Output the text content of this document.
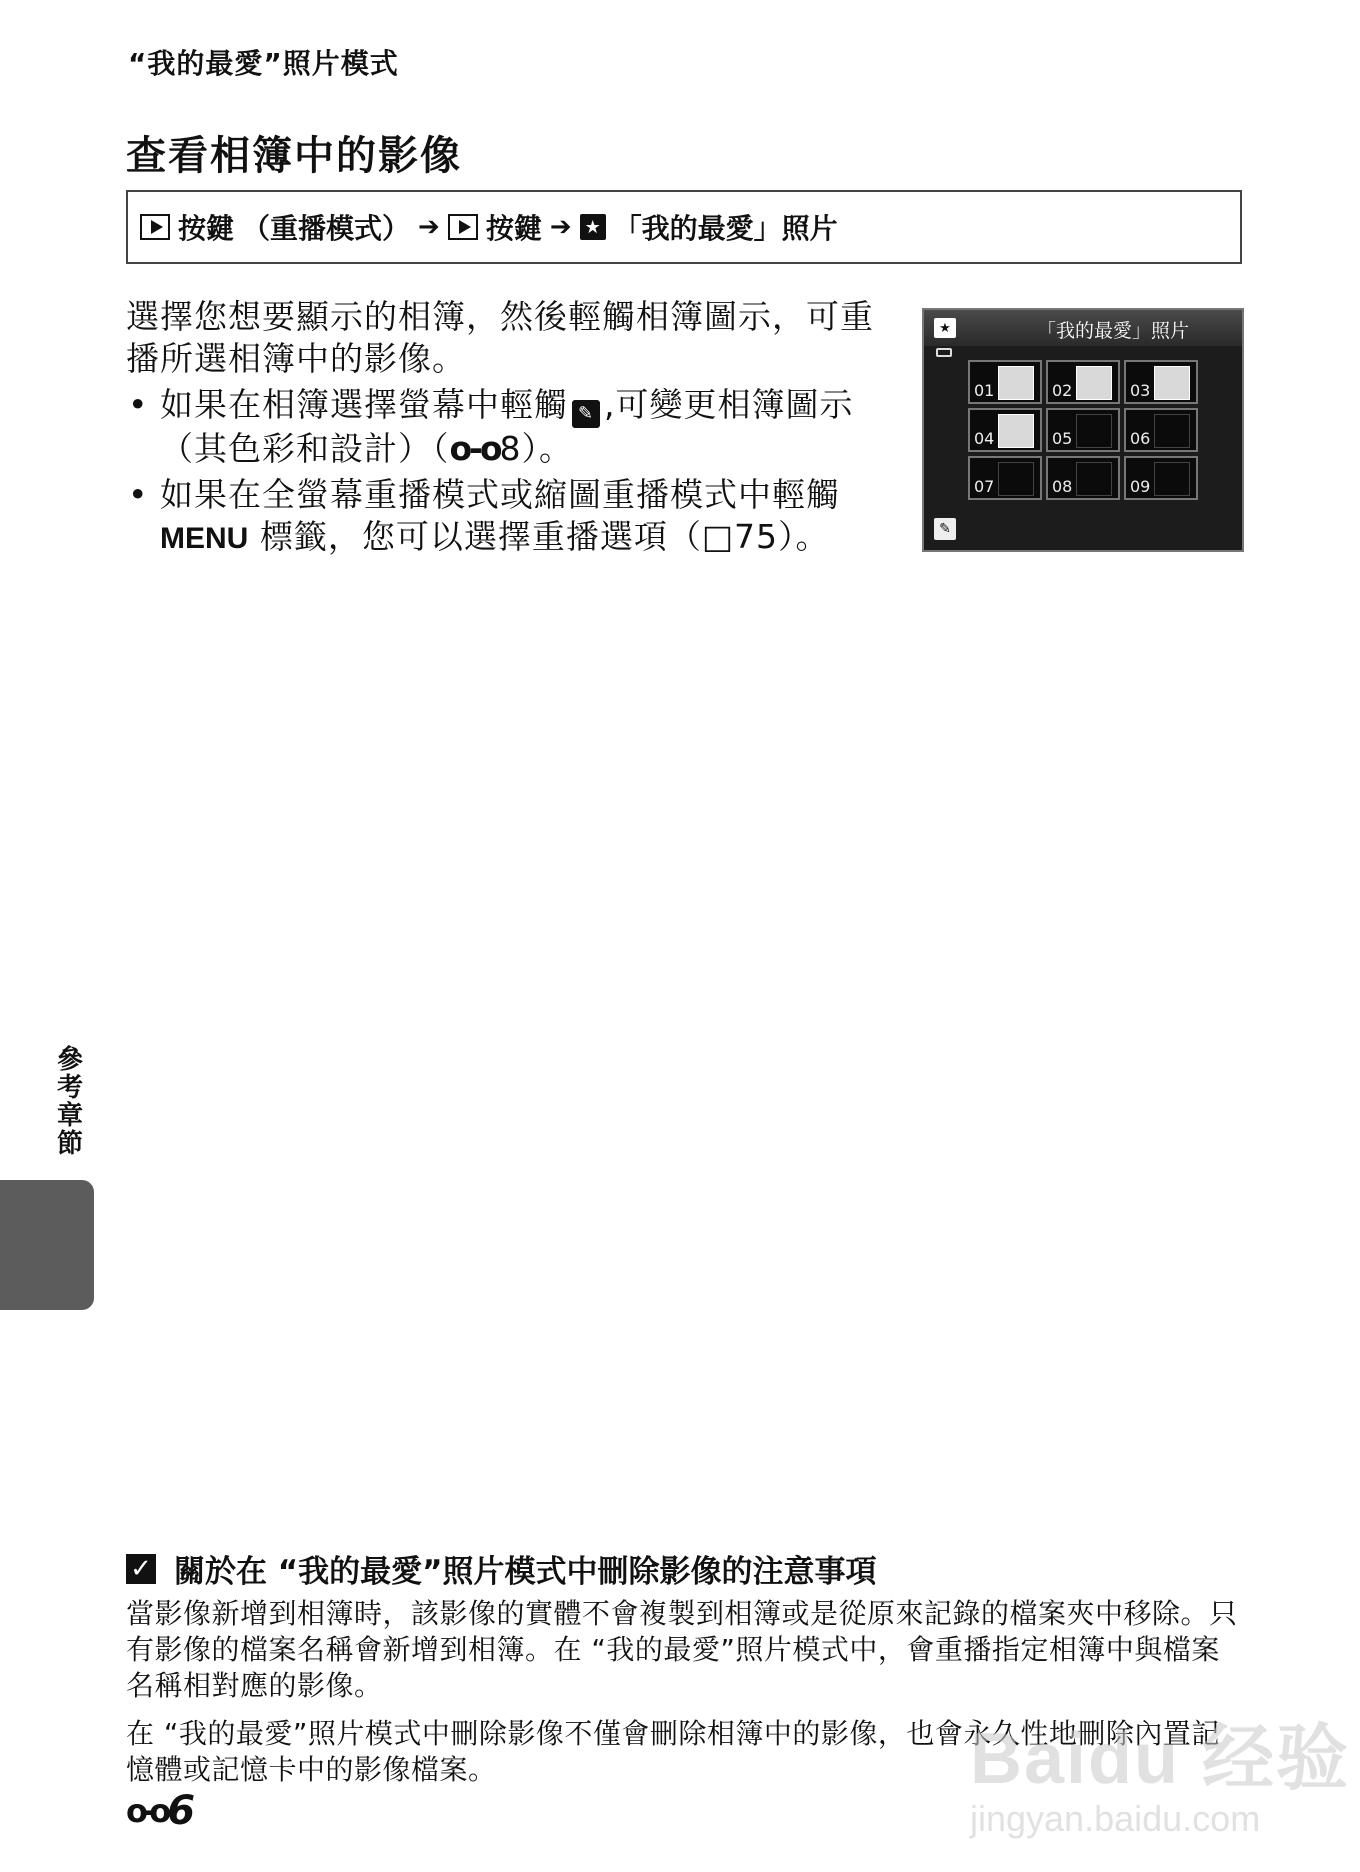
“我的最愛”照片模式
查看相簿中的影像
按鍵 （重播模式） ➔ 按鍵 ➔ ★ 「我的最愛」照片

選擇您想要顯示的相簿，然後輕觸相簿圖示，可重播所選相簿中的影像。

• 如果在相簿選擇螢幕中輕觸 ✎ ,可變更相簿圖示（其色彩和設計）（o-o8）。
• 如果在全螢幕重播模式或縮圖重播模式中輕觸
MENU 標籤，您可以選擇重播選項（□75）。
★	「我的最愛」照片
01	02	03
04	05	06
07	08	09
✎
參考章節
✓ 關於在 “我的最愛”照片模式中刪除影像的注意事項

當影像新增到相簿時，該影像的實體不會複製到相簿或是從原來記錄的檔案夾中移除。只有影像的檔案名稱會新增到相簿。在 “我的最愛”照片模式中，會重播指定相簿中與檔案名稱相對應的影像。

在 “我的最愛”照片模式中刪除影像不僅會刪除相簿中的影像，也會永久性地刪除內置記憶體或記憶卡中的影像檔案。

o-o 6
Baidu 经验
jingyan.baidu.com
